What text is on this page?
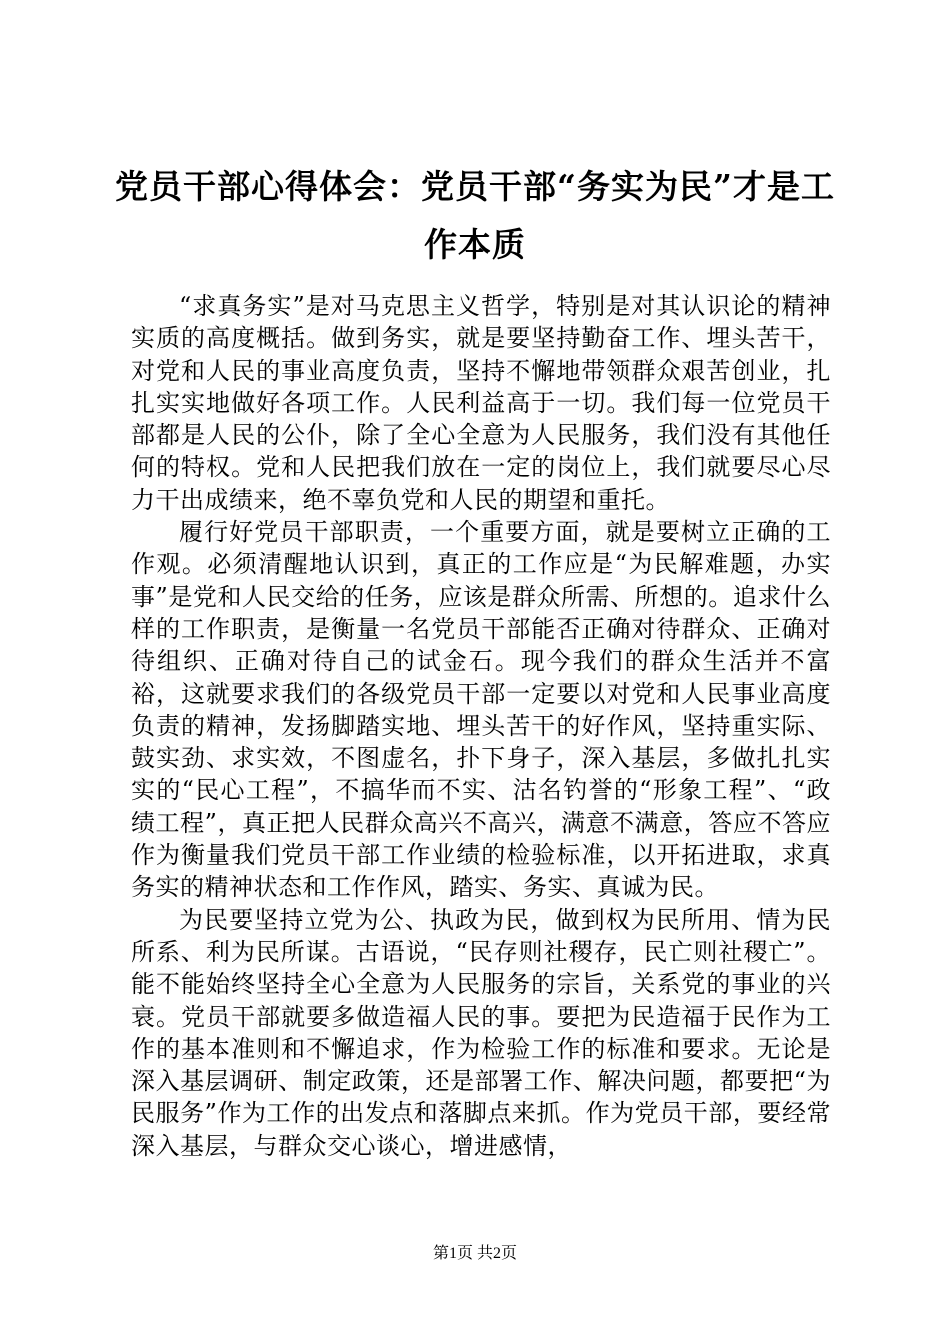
党员干部心得体会：党员干部“务实为民”才是工作本质

“求真务实”是对马克思主义哲学，特别是对其认识论的精神实质的高度概括。做到务实，就是要坚持勤奋工作、埋头苦干，对党和人民的事业高度负责，坚持不懈地带领群众艰苦创业，扎扎实实地做好各项工作。人民利益高于一切。我们每一位党员干部都是人民的公仆，除了全心全意为人民服务，我们没有其他任何的特权。党和人民把我们放在一定的岗位上，我们就要尽心尽力干出成绩来，绝不辜负党和人民的期望和重托。

履行好党员干部职责，一个重要方面，就是要树立正确的工作观。必须清醒地认识到，真正的工作应是“为民解难题，办实事”是党和人民交给的任务，应该是群众所需、所想的。追求什么样的工作职责，是衡量一名党员干部能否正确对待群众、正确对待组织、正确对待自己的试金石。现今我们的群众生活并不富裕，这就要求我们的各级党员干部一定要以对党和人民事业高度负责的精神，发扬脚踏实地、埋头苦干的好作风，坚持重实际、鼓实劲、求实效，不图虚名，扑下身子，深入基层，多做扎扎实实的“民心工程”，不搞华而不实、沽名钓誉的“形象工程”、“政绩工程”，真正把人民群众高兴不高兴，满意不满意，答应不答应作为衡量我们党员干部工作业绩的检验标准，以开拓进取，求真务实的精神状态和工作作风，踏实、务实、真诚为民。

为民要坚持立党为公、执政为民，做到权为民所用、情为民所系、利为民所谋。古语说，“民存则社稷存，民亡则社稷亡”。能不能始终坚持全心全意为人民服务的宗旨，关系党的事业的兴衰。党员干部就要多做造福人民的事。要把为民造福于民作为工作的基本准则和不懈追求，作为检验工作的标准和要求。无论是深入基层调研、制定政策，还是部署工作、解决问题，都要把“为民服务”作为工作的出发点和落脚点来抓。作为党员干部，要经常深入基层，与群众交心谈心，增进感情，

第1页 共2页
